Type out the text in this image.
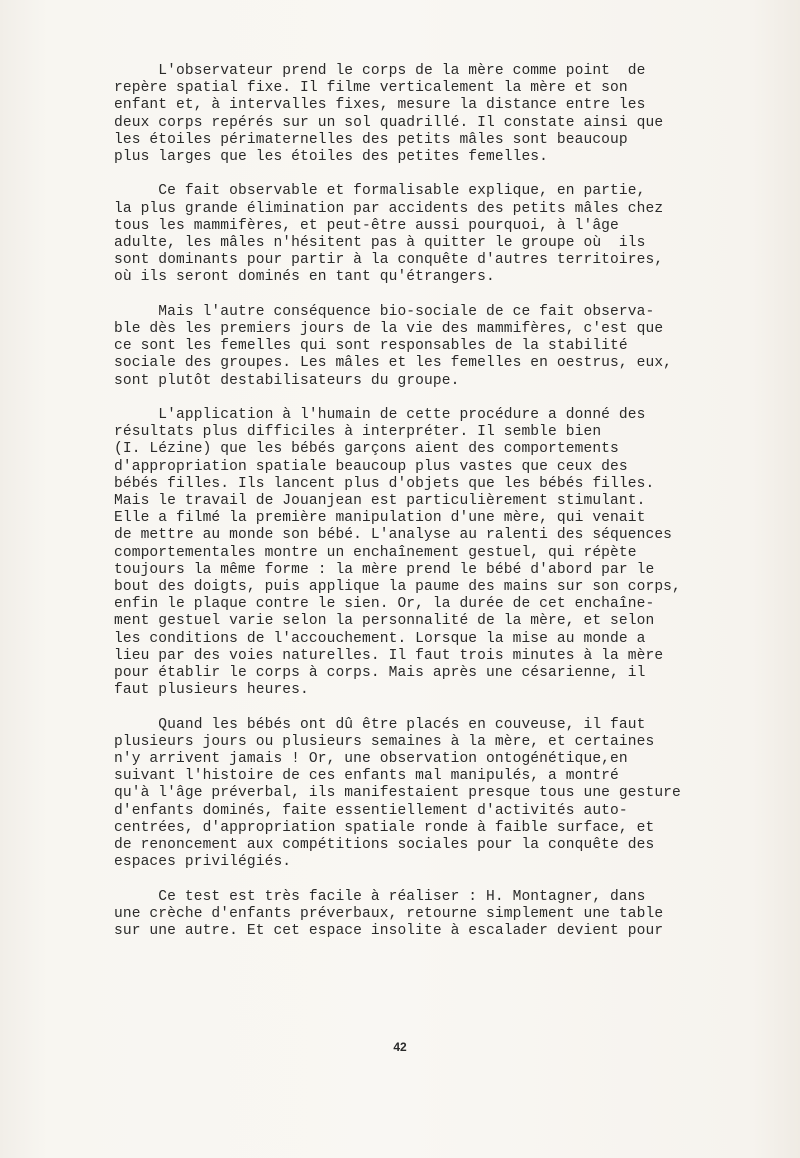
L'observateur prend le corps de la mère comme point  de
repère spatial fixe. Il filme verticalement la mère et son
enfant et, à intervalles fixes, mesure la distance entre les
deux corps repérés sur un sol quadrillé. Il constate ainsi que
les étoiles périmaternelles des petits mâles sont beaucoup
plus larges que les étoiles des petites femelles.

Ce fait observable et formalisable explique, en partie,
la plus grande élimination par accidents des petits mâles chez
tous les mammifères, et peut-être aussi pourquoi, à l'âge
adulte, les mâles n'hésitent pas à quitter le groupe où  ils
sont dominants pour partir à la conquête d'autres territoires,
où ils seront dominés en tant qu'étrangers.

Mais l'autre conséquence bio-sociale de ce fait observa-
ble dès les premiers jours de la vie des mammifères, c'est que
ce sont les femelles qui sont responsables de la stabilité
sociale des groupes. Les mâles et les femelles en oestrus, eux,
sont plutôt destabilisateurs du groupe.

L'application à l'humain de cette procédure a donné des
résultats plus difficiles à interpréter. Il semble bien
(I. Lézine) que les bébés garçons aient des comportements
d'appropriation spatiale beaucoup plus vastes que ceux des
bébés filles. Ils lancent plus d'objets que les bébés filles.
Mais le travail de Jouanjean est particulièrement stimulant.
Elle a filmé la première manipulation d'une mère, qui venait
de mettre au monde son bébé. L'analyse au ralenti des séquences
comportementales montre un enchaînement gestuel, qui répète
toujours la même forme : la mère prend le bébé d'abord par le
bout des doigts, puis applique la paume des mains sur son corps,
enfin le plaque contre le sien. Or, la durée de cet enchaîne-
ment gestuel varie selon la personnalité de la mère, et selon
les conditions de l'accouchement. Lorsque la mise au monde a
lieu par des voies naturelles. Il faut trois minutes à la mère
pour établir le corps à corps. Mais après une césarienne, il
faut plusieurs heures.

Quand les bébés ont dû être placés en couveuse, il faut
plusieurs jours ou plusieurs semaines à la mère, et certaines
n'y arrivent jamais ! Or, une observation ontogénétique,en
suivant l'histoire de ces enfants mal manipulés, a montré
qu'à l'âge préverbal, ils manifestaient presque tous une gesture
d'enfants dominés, faite essentiellement d'activités auto-
centrées, d'appropriation spatiale ronde à faible surface, et
de renoncement aux compétitions sociales pour la conquête des
espaces privilégiés.

Ce test est très facile à réaliser : H. Montagner, dans
une crèche d'enfants préverbaux, retourne simplement une table
sur une autre. Et cet espace insolite à escalader devient pour

42
